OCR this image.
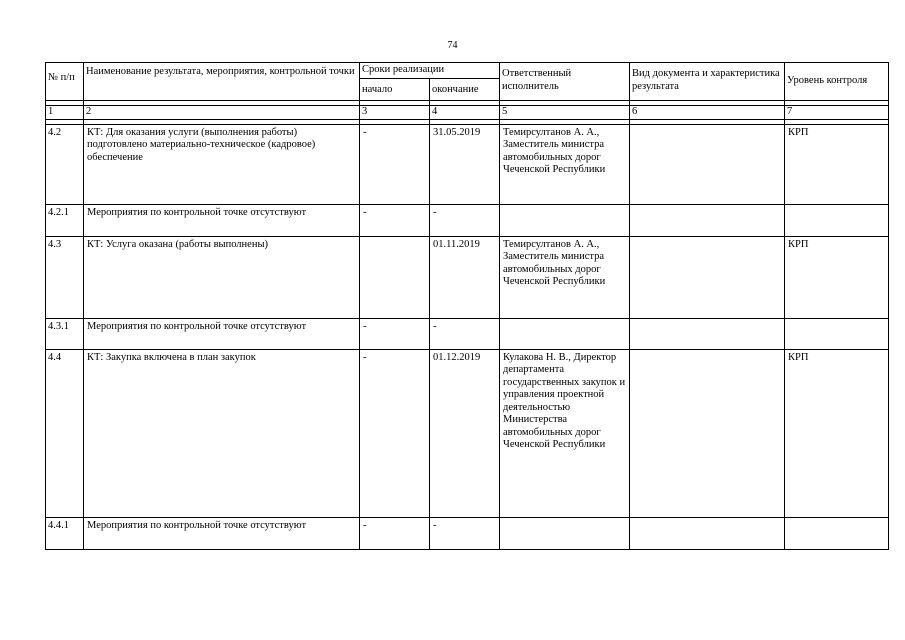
74
№ п/п	Наименование результата, мероприятия, контрольной точки	Сроки реализации		Ответственный исполнитель	Вид документа и характеристика результата	Уровень контроля
		начало	окончание			

1	2	3	4	5	6	7

4.2	КТ: Для оказания услуги (выполнения работы) подготовлено материально-техническое (кадровое) обеспечение	-	31.05.2019	Темирсултанов А. А., Заместитель министра автомобильных дорог Чеченской Республики		КРП
4.2.1	Мероприятия по контрольной точке отсутствуют	-	-			
4.3	КТ: Услуга оказана (работы выполнены)		01.11.2019	Темирсултанов А. А., Заместитель министра автомобильных дорог Чеченской Республики		КРП
4.3.1	Мероприятия по контрольной точке отсутствуют	-	-			
4.4	КТ: Закупка включена в план закупок	-	01.12.2019	Кулакова Н. В., Директор департамента государственных закупок и управления проектной деятельностью Министерства автомобильных дорог Чеченской Республики		КРП
4.4.1	Мероприятия по контрольной точке отсутствуют	-	-			
